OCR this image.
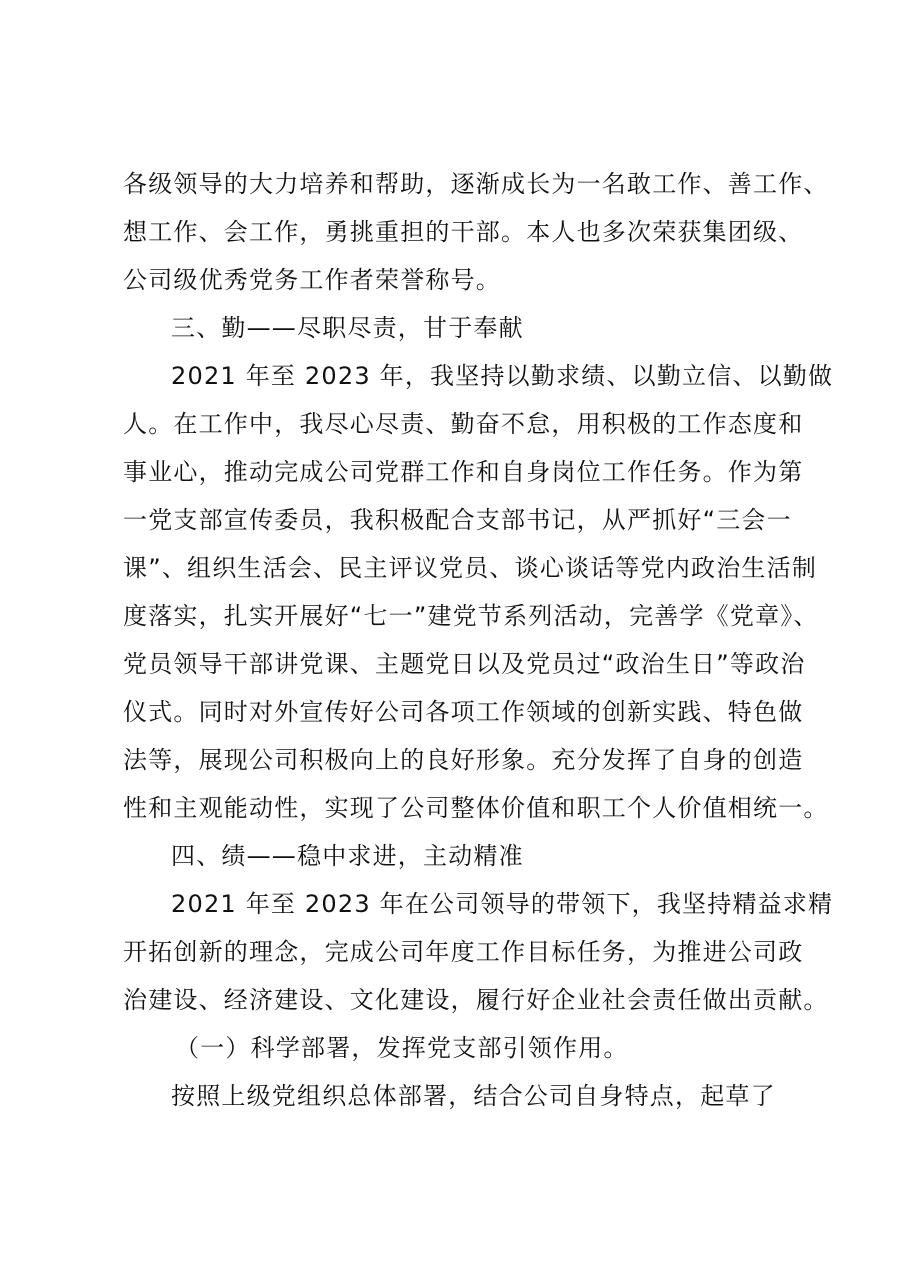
各级领导的大力培养和帮助，逐渐成长为一名敢工作、善工作、
想工作、会工作，勇挑重担的干部。本人也多次荣获集团级、
公司级优秀党务工作者荣誉称号。
三、勤——尽职尽责，甘于奉献
2021 年至 2023 年，我坚持以勤求绩、以勤立信、以勤做
人。在工作中，我尽心尽责、勤奋不怠，用积极的工作态度和
事业心，推动完成公司党群工作和自身岗位工作任务。作为第
一党支部宣传委员，我积极配合支部书记，从严抓好“三会一
课”、组织生活会、民主评议党员、谈心谈话等党内政治生活制
度落实，扎实开展好“七一”建党节系列活动，完善学《党章》、
党员领导干部讲党课、主题党日以及党员过“政治生日”等政治
仪式。同时对外宣传好公司各项工作领域的创新实践、特色做
法等，展现公司积极向上的良好形象。充分发挥了自身的创造
性和主观能动性，实现了公司整体价值和职工个人价值相统一。
四、绩——稳中求进，主动精准
2021 年至 2023 年在公司领导的带领下，我坚持精益求精
开拓创新的理念，完成公司年度工作目标任务，为推进公司政
治建设、经济建设、文化建设，履行好企业社会责任做出贡献。
（一）科学部署，发挥党支部引领作用。
按照上级党组织总体部署，结合公司自身特点，起草了
